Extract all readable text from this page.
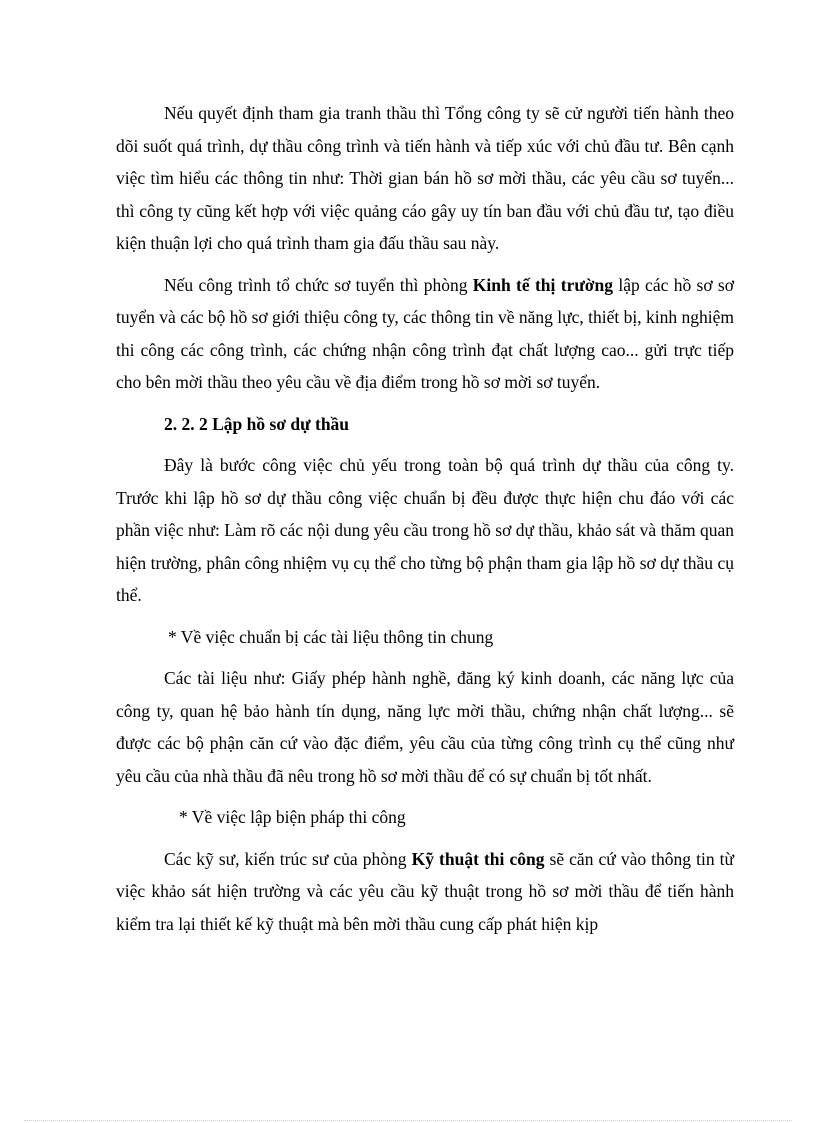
Nếu quyết định tham gia tranh thầu thì Tổng công ty sẽ cử người tiến hành theo dõi suốt quá trình, dự thầu công trình và tiến hành và tiếp xúc với chủ đầu tư. Bên cạnh việc tìm hiểu các thông tin như: Thời gian bán hồ sơ mời thầu, các yêu cầu sơ tuyển... thì công ty cũng kết hợp với việc quảng cáo gây uy tín ban đầu với chủ đầu tư, tạo điều kiện thuận lợi cho quá trình tham gia đấu thầu sau này.

Nếu công trình tổ chức sơ tuyển thì phòng Kinh tế thị trường lập các hồ sơ sơ tuyển và các bộ hồ sơ giới thiệu công ty, các thông tin về năng lực, thiết bị, kinh nghiệm thi công các công trình, các chứng nhận công trình đạt chất lượng cao... gửi trực tiếp cho bên mời thầu theo yêu cầu về địa điểm trong hồ sơ mời sơ tuyển.

2. 2. 2 Lập hồ sơ dự thầu

Đây là bước công việc chủ yếu trong toàn bộ quá trình dự thầu của công ty. Trước khi lập hồ sơ dự thầu công việc chuẩn bị đều được thực hiện chu đáo với các phần việc như: Làm rõ các nội dung yêu cầu trong hồ sơ dự thầu, khảo sát và thăm quan hiện trường, phân công nhiệm vụ cụ thể cho từng bộ phận tham gia lập hồ sơ dự thầu cụ thể.

* Về việc chuẩn bị các tài liệu thông tin chung

Các tài liệu như: Giấy phép hành nghề, đăng ký kinh doanh, các năng lực của công ty, quan hệ bảo hành tín dụng, năng lực mời thầu, chứng nhận chất lượng... sẽ được các bộ phận căn cứ vào đặc điểm, yêu cầu của từng công trình cụ thể cũng như yêu cầu của nhà thầu đã nêu trong hồ sơ mời thầu để có sự chuẩn bị tốt nhất.

* Về việc lập biện pháp thi công

Các kỹ sư, kiến trúc sư của phòng Kỹ thuật thi công sẽ căn cứ vào thông tin từ việc khảo sát hiện trường và các yêu cầu kỹ thuật trong hồ sơ mời thầu để tiến hành kiểm tra lại thiết kế kỹ thuật mà bên mời thầu cung cấp phát hiện kịp
